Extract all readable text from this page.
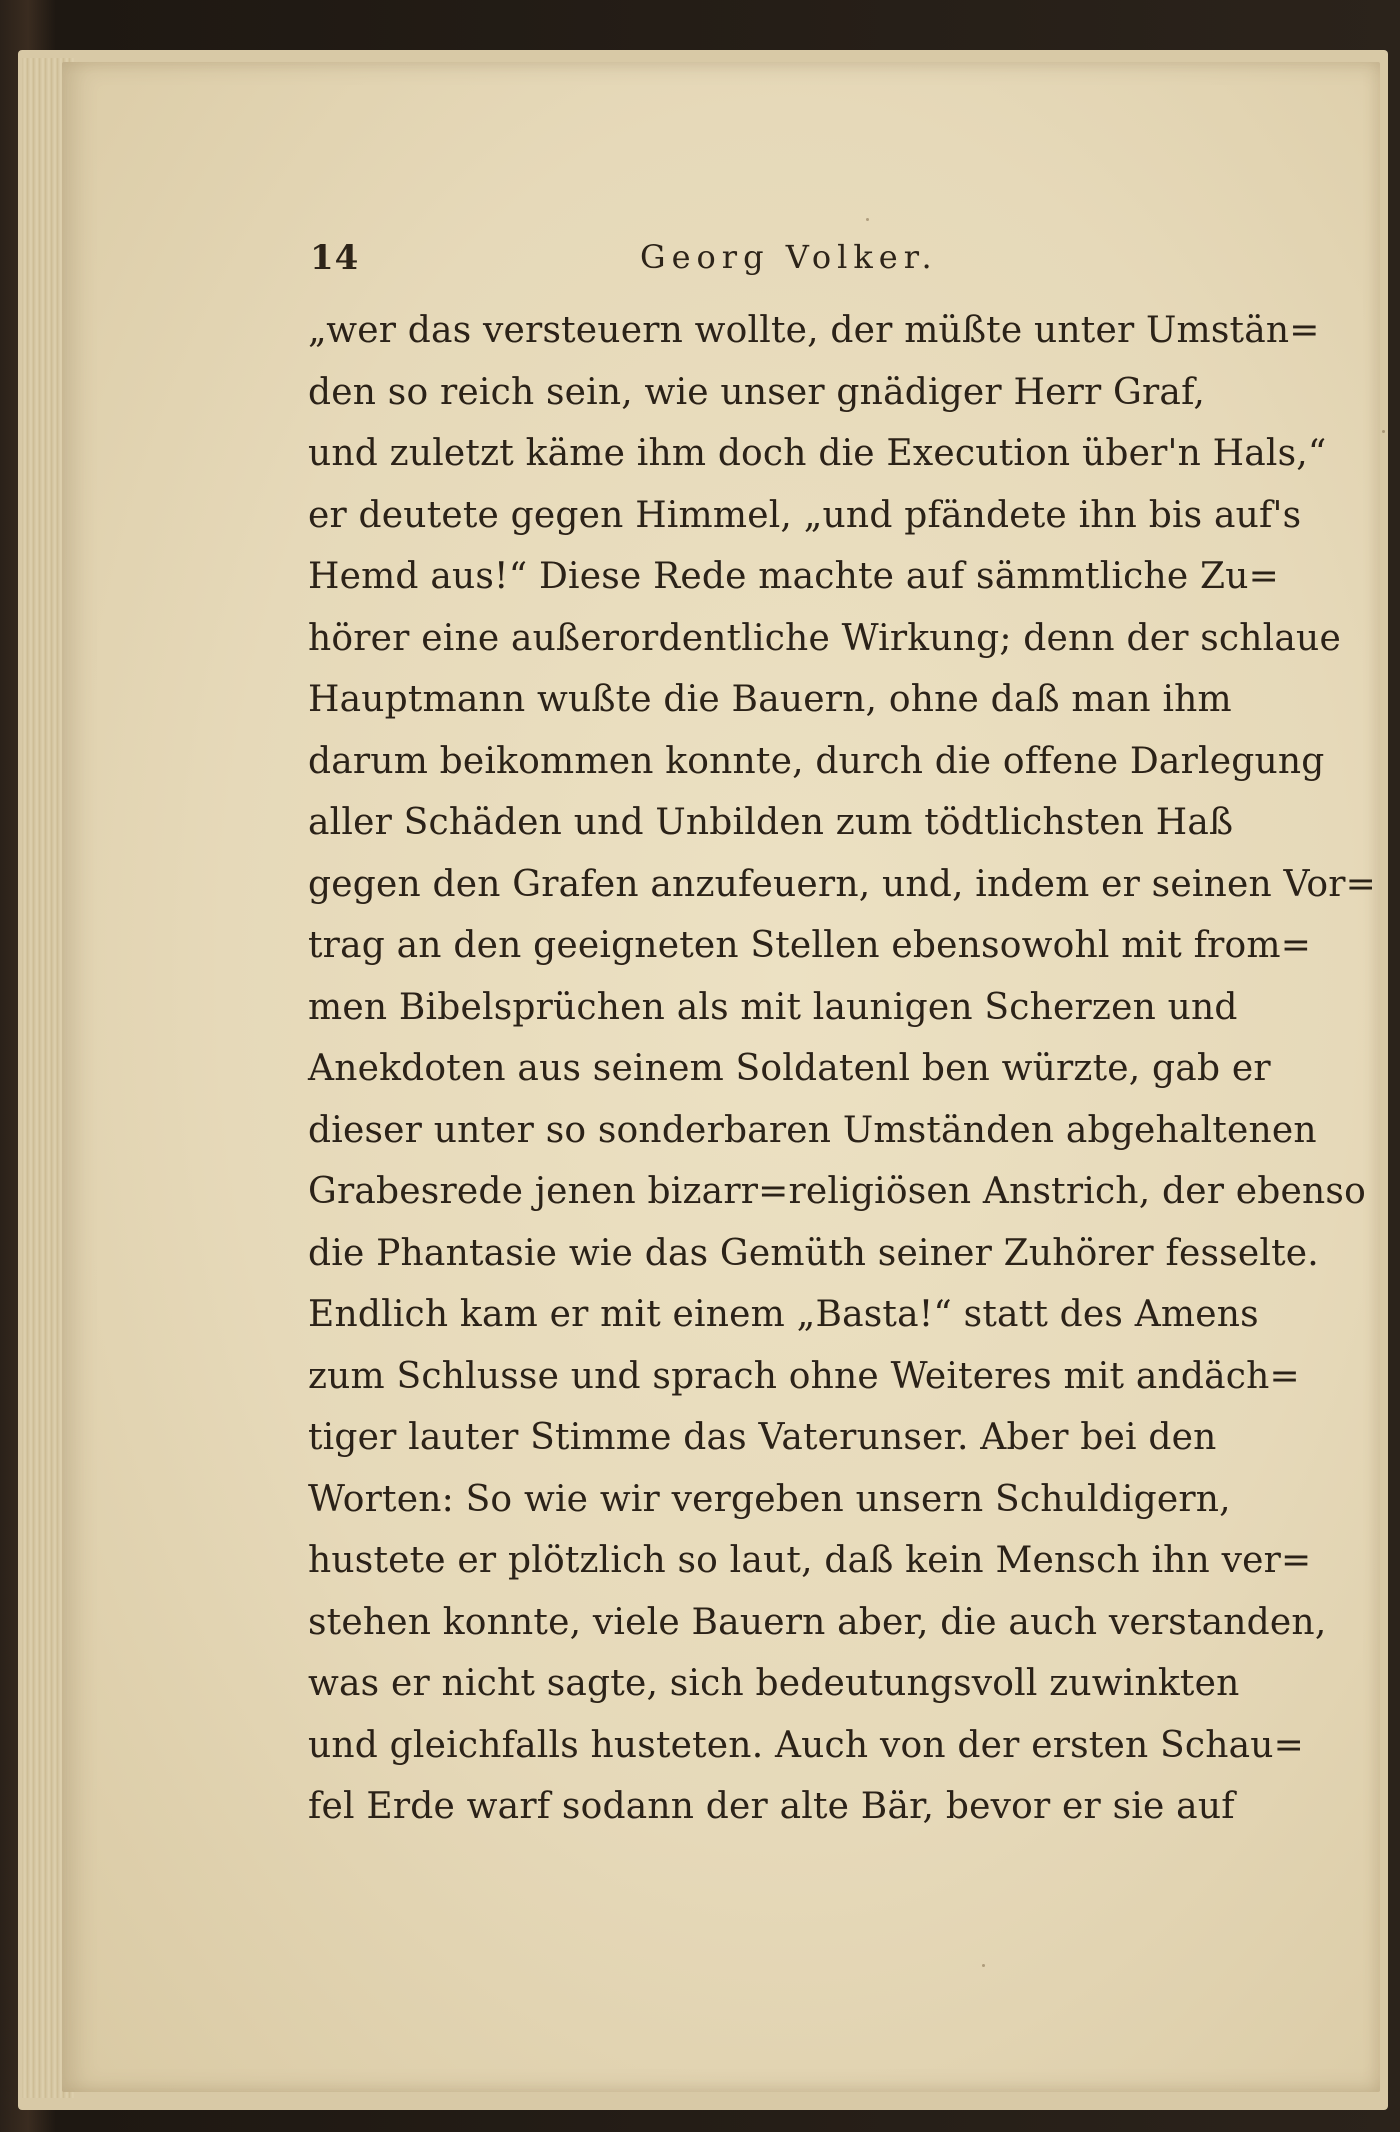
14	Georg Volker.
„wer das versteuern wollte, der müßte unter Umstän=
den so reich sein, wie unser gnädiger Herr Graf,
und zuletzt käme ihm doch die Execution über'n Hals,“
er deutete gegen Himmel, „und pfändete ihn bis auf's
Hemd aus!“ Diese Rede machte auf sämmtliche Zu=
hörer eine außerordentliche Wirkung; denn der schlaue
Hauptmann wußte die Bauern, ohne daß man ihm
darum beikommen konnte, durch die offene Darlegung
aller Schäden und Unbilden zum tödtlichsten Haß
gegen den Grafen anzufeuern, und, indem er seinen Vor=
trag an den geeigneten Stellen ebensowohl mit from=
men Bibelsprüchen als mit launigen Scherzen und
Anekdoten aus seinem Soldatenl ben würzte, gab er
dieser unter so sonderbaren Umständen abgehaltenen
Grabesrede jenen bizarr=religiösen Anstrich, der ebenso
die Phantasie wie das Gemüth seiner Zuhörer fesselte.
Endlich kam er mit einem „Basta!“ statt des Amens
zum Schlusse und sprach ohne Weiteres mit andäch=
tiger lauter Stimme das Vaterunser. Aber bei den
Worten: So wie wir vergeben unsern Schuldigern,
hustete er plötzlich so laut, daß kein Mensch ihn ver=
stehen konnte, viele Bauern aber, die auch verstanden,
was er nicht sagte, sich bedeutungsvoll zuwinkten
und gleichfalls husteten. Auch von der ersten Schau=
fel Erde warf sodann der alte Bär, bevor er sie auf
